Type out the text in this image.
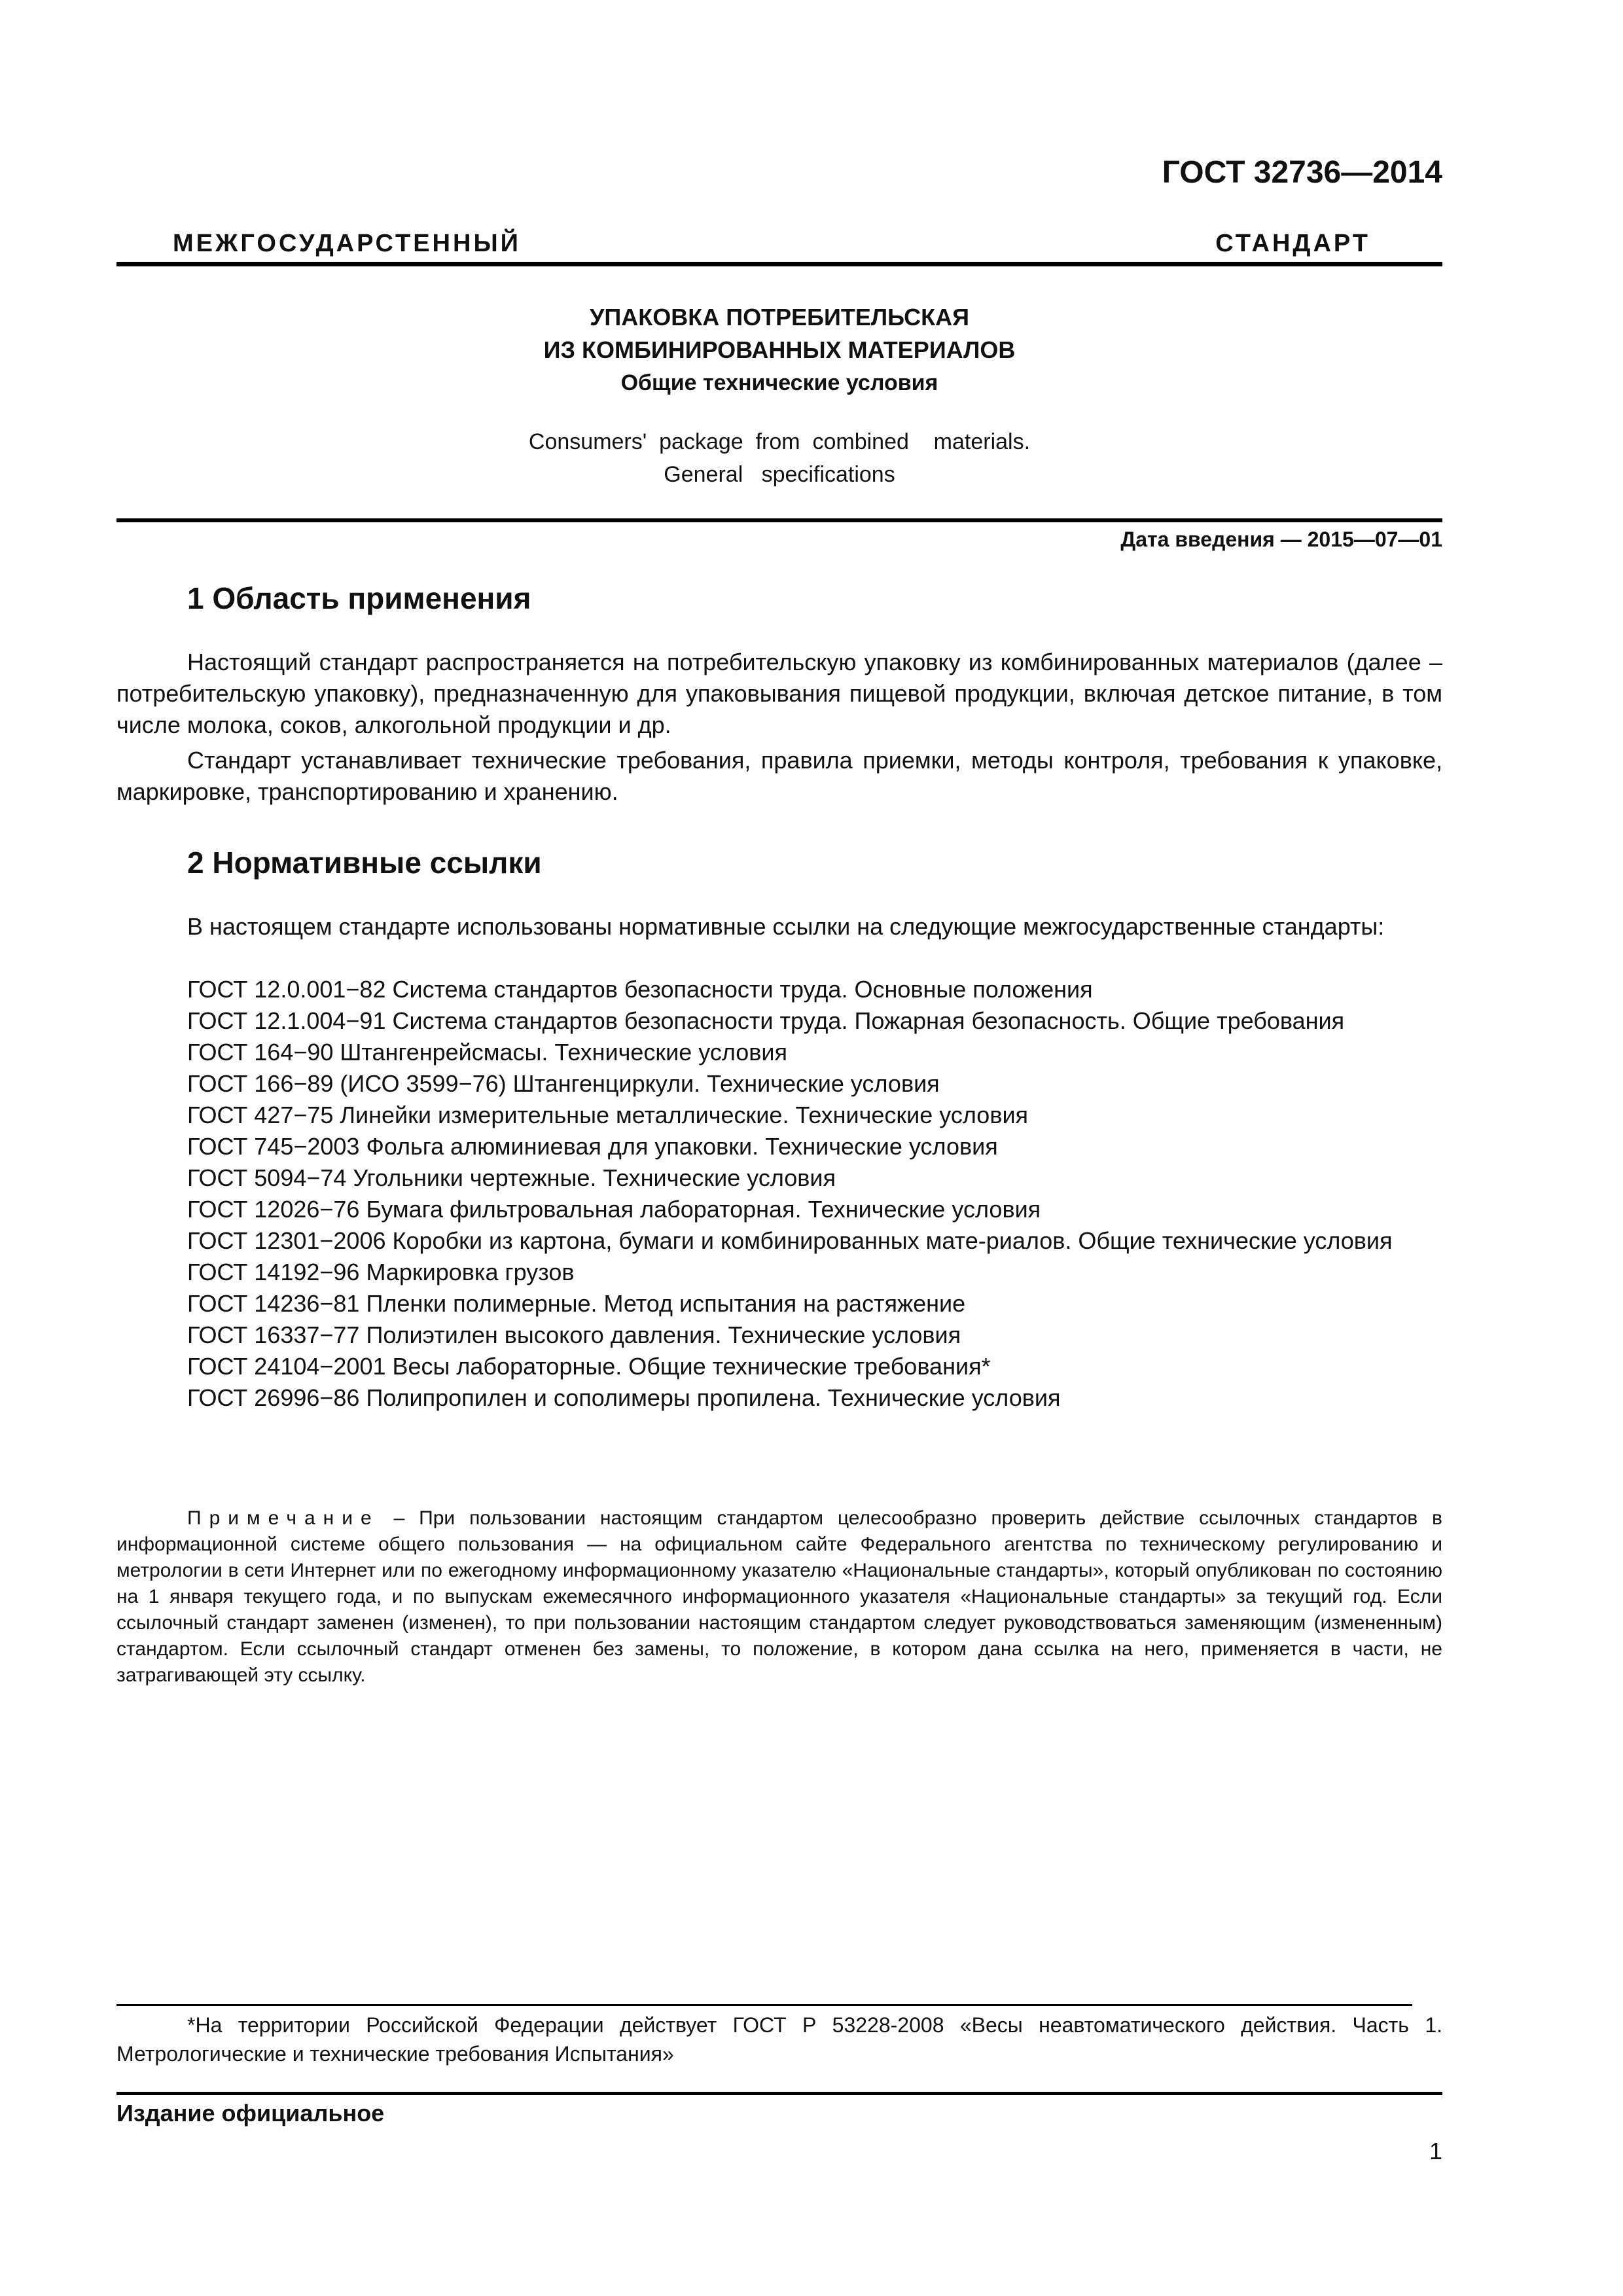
ГОСТ 32736—2014
МЕЖГОСУДАРСТЕННЫЙ СТАНДАРТ
УПАКОВКА ПОТРЕБИТЕЛЬСКАЯ
ИЗ КОМБИНИРОВАННЫХ МАТЕРИАЛОВ
Общие технические условия
Consumers'  package  from  combined    materials.
General   specifications
Дата введения — 2015—07—01
1 Область применения
Настоящий стандарт распространяется на потребительскую упаковку из комбинированных материалов (далее – потребительскую упаковку), предназначенную для упаковывания пищевой продукции, включая детское питание, в том числе молока, соков, алкогольной продукции и др.
Стандарт устанавливает технические требования, правила приемки, методы контроля, требования к упаковке, маркировке, транспортированию и хранению.
2 Нормативные ссылки
В настоящем стандарте использованы нормативные ссылки на следующие межгосударственные стандарты:
ГОСТ 12.0.001−82 Система стандартов безопасности труда. Основные положения
ГОСТ 12.1.004−91 Система стандартов безопасности труда. Пожарная безопасность. Общие требования
ГОСТ 164−90 Штангенрейсмасы. Технические условия
ГОСТ 166−89 (ИСО 3599−76) Штангенциркули. Технические условия
ГОСТ 427−75 Линейки измерительные металлические. Технические условия
ГОСТ 745−2003 Фольга алюминиевая для упаковки. Технические условия
ГОСТ 5094−74 Угольники чертежные. Технические условия
ГОСТ 12026−76 Бумага фильтровальная лабораторная. Технические условия
ГОСТ 12301−2006 Коробки из картона, бумаги и комбинированных мате-риалов. Общие технические условия
ГОСТ 14192−96 Маркировка грузов
ГОСТ 14236−81 Пленки полимерные. Метод испытания на растяжение
ГОСТ 16337−77 Полиэтилен высокого давления. Технические условия
ГОСТ 24104−2001 Весы лабораторные. Общие технические требования*
ГОСТ 26996−86 Полипропилен и сополимеры пропилена. Технические условия
Примечание – При пользовании настоящим стандартом целесообразно проверить действие ссылочных стандартов в информационной системе общего пользования — на официальном сайте Федерального агентства по техническому регулированию и метрологии в сети Интернет или по ежегодному информационному указателю «Национальные стандарты», который опубликован по состоянию на 1 января текущего года, и по выпускам ежемесячного информационного указателя «Национальные стандарты» за текущий год. Если ссылочный стандарт заменен (изменен), то при пользовании настоящим стандартом следует руководствоваться заменяющим (измененным) стандартом. Если ссылочный стандарт отменен без замены, то положение, в котором дана ссылка на него, применяется в части, не затрагивающей эту ссылку.
*На территории Российской Федерации действует ГОСТ Р 53228-2008 «Весы неавтоматического действия. Часть 1. Метрологические и технические требования Испытания»
Издание официальное
1
